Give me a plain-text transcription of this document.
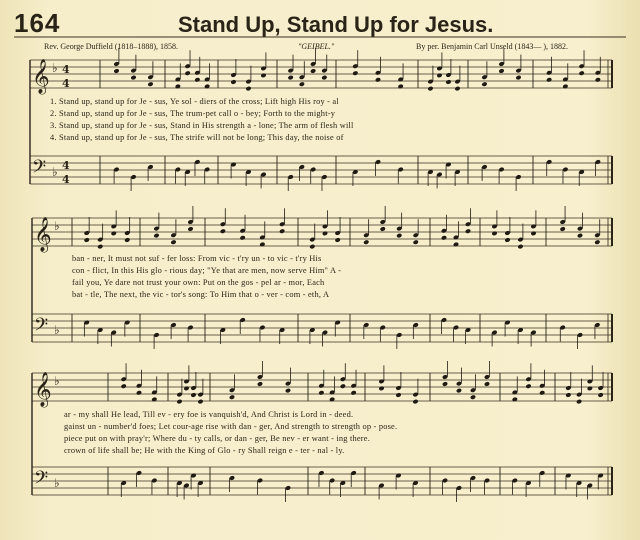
164	Stand Up, Stand Up for Jesus.
Rev. George Duffield (1818–1888), 1858.	"GEIBEL."	By per. Benjamin Carl Unseld (1843— ), 1882.
𝄞 ♭ 4
4
𝄢 ♭ 4
4
𝄞 ♭
𝄢 ♭
𝄞 ♭
𝄢 ♭
1. Stand up, stand up for Je - sus, Ye sol - diers of the cross; Lift high His roy - al
2. Stand up, stand up for Je - sus, The trum-pet call o - bey; Forth to the might-y
3. Stand up, stand up for Je - sus, Stand in His strength a - lone; The arm of flesh will
4. Stand up, stand up for Je - sus, The strife will not be long; This day, the noise of
ban - ner, It must not suf - fer loss: From vic - t'ry un - to vic - t'ry His
con - flict, In this His glo - rious day; "Ye that are men, now serve Him" A -
fail you, Ye dare not trust your own: Put on the gos - pel ar - mor, Each
bat - tle, The next, the vic - tor's song: To Him that o - ver - com - eth, A
ar - my shall He lead, Till ev - ery foe is vanquish'd, And Christ is Lord in - deed.
gainst un - number'd foes; Let cour-age rise with dan - ger, And strength to strength op - pose.
piece put on with pray'r; Where du - ty calls, or dan - ger, Be nev - er want - ing there.
crown of life shall be; He with the King of Glo - ry Shall reign e - ter - nal - ly.
